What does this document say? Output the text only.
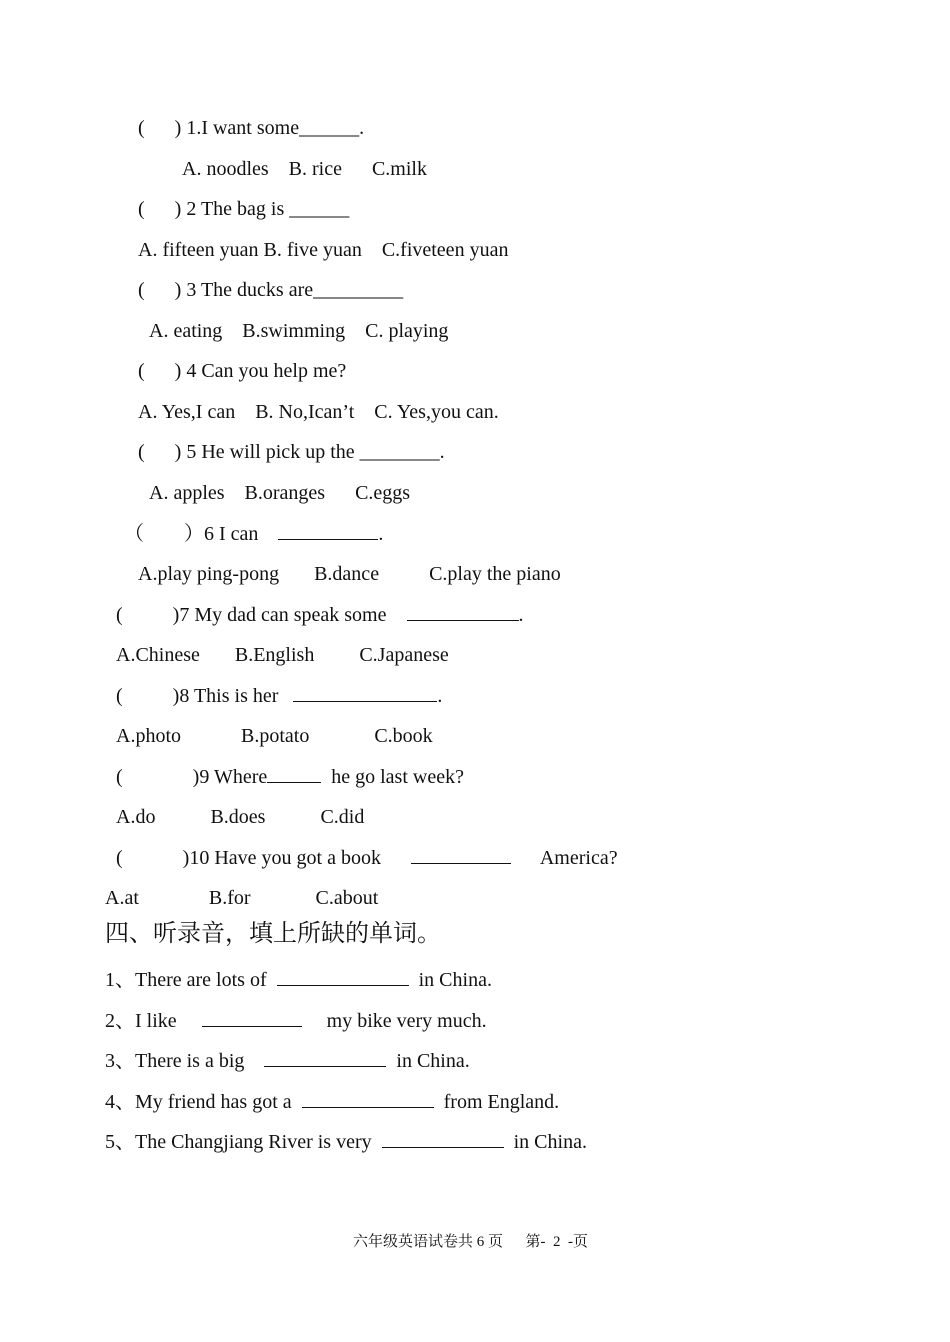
(      ) 1.I want some______.
A. noodles    B. rice      C.milk
(      ) 2 The bag is ______
A. fifteen yuan B. five yuan    C.fiveteen yuan
(      ) 3 The ducks are_________
A. eating    B.swimming    C. playing
(      ) 4 Can you help me?
A. Yes,I can    B. No,Ican’t    C. Yes,you can.
(      ) 5 He will pick up the ________.
A. apples    B.oranges      C.eggs
（        ）6 I can	.
A.play ping-pong       B.dance          C.play the piano
(          )7 My dad can speak some	.
A.Chinese       B.English         C.Japanese
(          )8 This is her	.
A.photo            B.potato             C.book
(              )9 Where	he go last week?
A.do           B.does           C.did
(            )10 Have you got a book	America?
A.at              B.for             C.about
四、听录音，填上所缺的单词。
1、There are lots of	in China.
2、I like	my bike very much.
3、There is a big	in China.
4、My friend has got a	from England.
5、The Changjiang River is very	in China.
六年级英语试卷共 6 页 第-  2  -页
